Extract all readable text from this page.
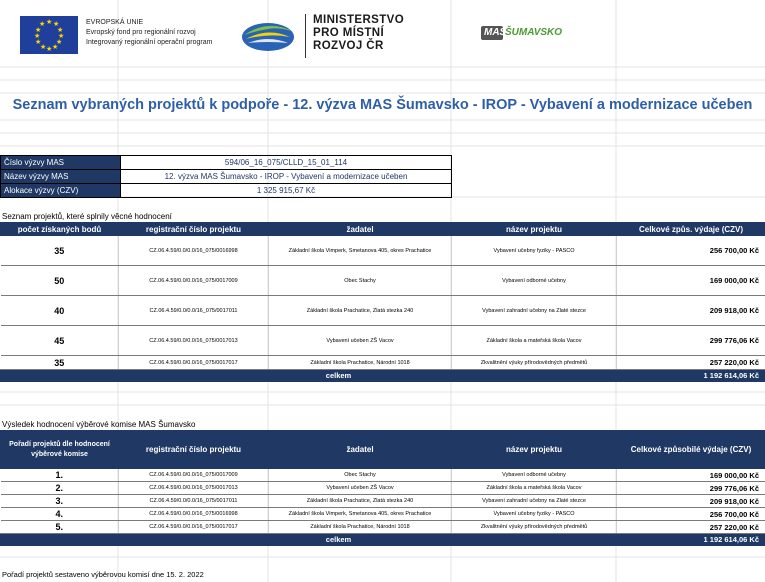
★ ★
★
★
★
★
★
★
★
★
★
★	EVROPSKÁ UNIE
Evropský fond pro regionální rozvoj
Integrovaný regionální operační program
MINISTERSTVO
PRO MÍSTNÍ
ROZVOJ ČR
MAS
ŠUMAVSKO
Seznam vybraných projektů k podpoře - 12. výzva MAS Šumavsko - IROP - Vybavení a modernizace učeben
Číslo výzvy MAS	594/06_16_075/CLLD_15_01_114
Název výzvy MAS	12. výzva MAS Šumavsko - IROP - Vybavení a modernizace učeben
Alokace výzvy (CZV)	1 325 915,67 Kč
Seznam projektů, které splnily věcné hodnocení
počet získaných bodů	registrační číslo projektu	žadatel	název projektu	Celkové způs. výdaje (CZV)
35	CZ.06.4.59/0.0/0.0/16_075/0016998	Základní škola Vimperk, Smetanova 405, okres Prachatice	Vybavení učebny fyziky - PASCO	256 700,00 Kč
50	CZ.06.4.59/0.0/0.0/16_075/0017009	Obec Stachy	Vybavení odborné učebny	169 000,00 Kč
40	CZ.06.4.59/0.0/0.0/16_075/0017011	Základní škola Prachatice, Zlatá stezka 240	Vybavení zahradní učebny na Zlaté stezce	209 918,00 Kč
45	CZ.06.4.59/0.0/0.0/16_075/0017013	Vybavení učeben ZŠ Vacov	Základní škola a mateřská škola Vacov	299 776,06 Kč
35	CZ.06.4.59/0.0/0.0/16_075/0017017	Základní škola Prachatice, Národní 1018	Zkvalitnění výuky přírodovědných předmětů	257 220,00 Kč
celkem				1 192 614,06 Kč
Výsledek hodnocení výběrové komise MAS Šumavsko
Pořadí projektů dle hodnocení výběrové komise	registrační číslo projektu	žadatel	název projektu	Celkové způsobilé výdaje (CZV)
1.	CZ.06.4.59/0.0/0.0/16_075/0017009	Obec Stachy	Vybavení odborné učebny	169 000,00 Kč
2.	CZ.06.4.59/0.0/0.0/16_075/0017013	Vybavení učeben ZŠ Vacov	Základní škola a mateřská škola Vacov	299 776,06 Kč
3.	CZ.06.4.59/0.0/0.0/16_075/0017011	Základní škola Prachatice, Zlatá stezka 240	Vybavení zahradní učebny na Zlaté stezce	209 918,00 Kč
4.	CZ.06.4.59/0.0/0.0/16_075/0016998	Základní škola Vimperk, Smetanova 405, okres Prachatice	Vybavení učebny fyziky - PASCO	256 700,00 Kč
5.	CZ.06.4.59/0.0/0.0/16_075/0017017	Základní škola Prachatice, Národní 1018	Zkvalitnění výuky přírodovědných předmětů	257 220,00 Kč
celkem				1 192 614,06 Kč
Pořadí projektů sestaveno výběrovou komisí dne 15. 2. 2022
